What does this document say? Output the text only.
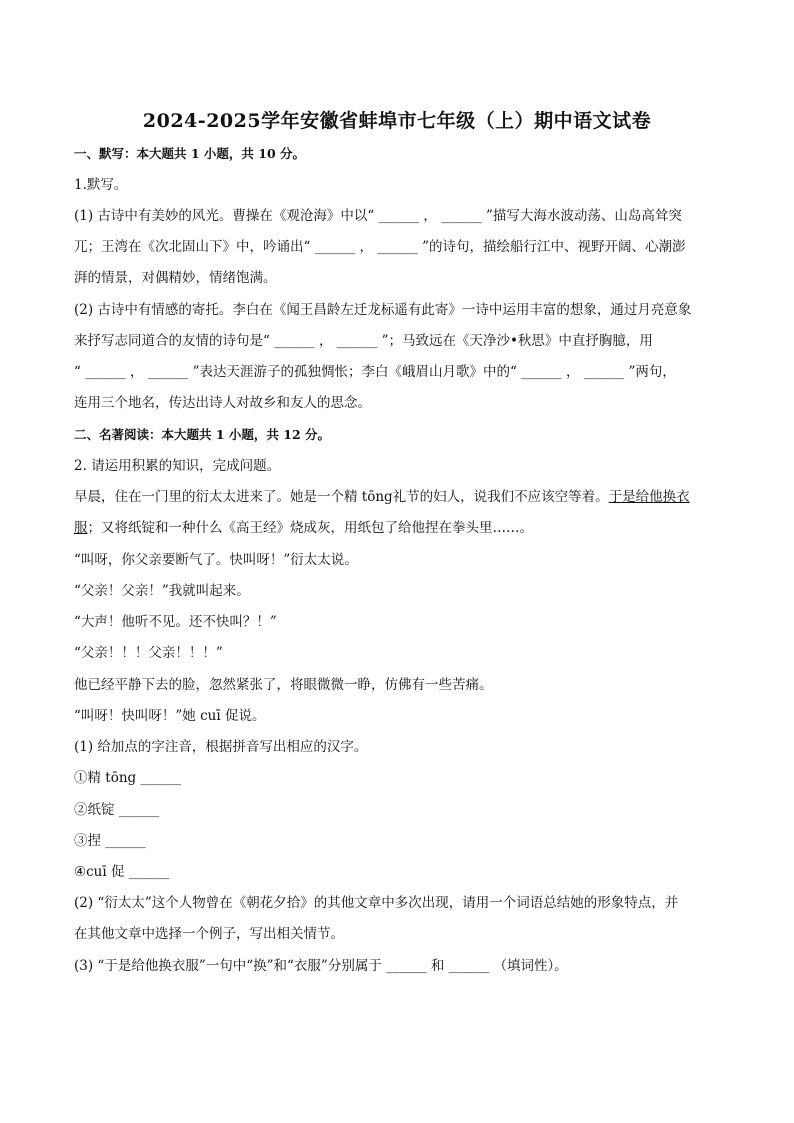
2024-2025学年安徽省蚌埠市七年级（上）期中语文试卷
一、默写：本大题共 1 小题，共 10 分。
1.默写。
(1) 古诗中有美妙的风光。曹操在《观沧海》中以“ ______ ， ______ ”描写大海水波动荡、山岛高耸突
兀；王湾在《次北固山下》中，吟诵出“ ______ ， ______ ”的诗句，描绘船行江中、视野开阔、心潮澎
湃的情景，对偶精妙，情绪饱满。
(2) 古诗中有情感的寄托。李白在《闻王昌龄左迁龙标遥有此寄》一诗中运用丰富的想象，通过月亮意象
来抒写志同道合的友情的诗句是“ ______ ， ______ ”；马致远在《天净沙•秋思》中直抒胸臆，用
“ ______ ， ______ ”表达天涯游子的孤独惆怅；李白《峨眉山月歌》中的“ ______ ， ______ ”两句，
连用三个地名，传达出诗人对故乡和友人的思念。
二、名著阅读：本大题共 1 小题，共 12 分。
2. 请运用积累的知识，完成问题。
早晨，住在一门里的衍太太进来了。她是一个精 tōng礼节的妇人，说我们不应该空等着。于是给他换衣
服；又将纸锭和一种什么《高王经》烧成灰，用纸包了给他捏在拳头里……。
“叫呀，你父亲要断气了。快叫呀！”衍太太说。
“父亲！父亲！”我就叫起来。
“大声！他听不见。还不快叫？！”
“父亲！！！父亲！！！”
他已经平静下去的脸，忽然紧张了，将眼微微一睁，仿佛有一些苦痛。
“叫呀！快叫呀！”她 cuī 促说。
(1) 给加点的字注音，根据拼音写出相应的汉字。
①精 tōng ______
②纸锭 ______
③捏 ______
④cuī 促 ______
(2) “衍太太”这个人物曾在《朝花夕拾》的其他文章中多次出现，请用一个词语总结她的形象特点，并
在其他文章中选择一个例子，写出相关情节。
(3) “于是给他换衣服”一句中“换”和“衣服”分别属于 ______ 和 ______ （填词性）。
